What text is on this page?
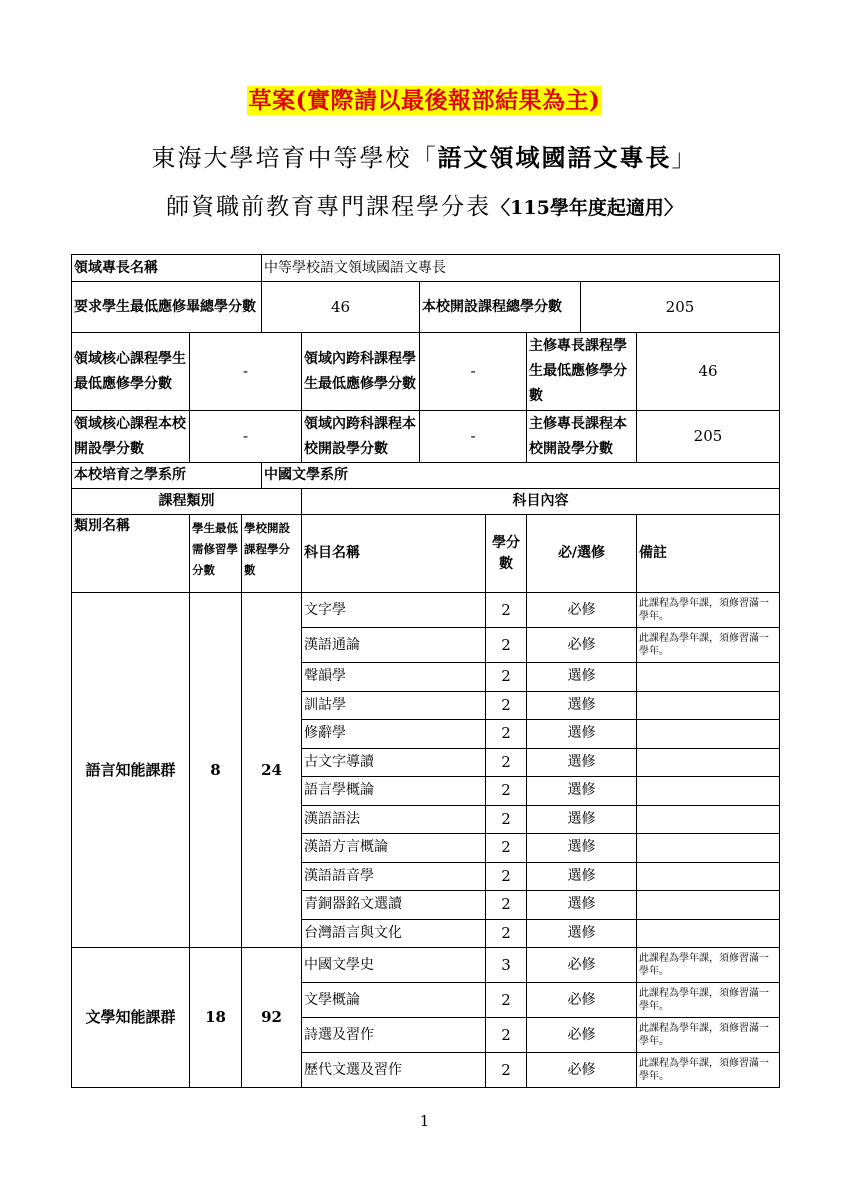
草案(實際請以最後報部結果為主)
東海大學培育中等學校「語文領域國語文專長」
師資職前教育專門課程學分表〈115學年度起適用〉
領域專長名稱			中等學校語文領域國語文專長						
要求學生最低應修畢總學分數			46		本校開設課程總學分數			205	
領域核心課程學生最低應修學分數	-			領域內跨科課程學生最低應修學分數	-		主修專長課程學生最低應修學分數		46
領域核心課程本校開設學分數	-			領域內跨科課程本校開設學分數	-		主修專長課程本校開設學分數		205
本校培育之學系所			中國文學系所						
課程類別				科目內容					
類別名稱	學生最低需修習學分數	學校開設課程學分數		科目名稱		學分數	必/選修		備註
語言知能課群	8	24		文字學		2	必修		此課程為學年課，須修習滿一學年。
				漢語通論		2	必修		此課程為學年課，須修習滿一學年。
				聲韻學		2	選修		
				訓詁學		2	選修		
				修辭學		2	選修		
				古文字導讀		2	選修		
				語言學概論		2	選修		
				漢語語法		2	選修		
				漢語方言概論		2	選修		
				漢語語音學		2	選修		
				青銅器銘文選讀		2	選修		
				台灣語言與文化		2	選修		
文學知能課群	18	92		中國文學史		3	必修		此課程為學年課，須修習滿一學年。
				文學概論		2	必修		此課程為學年課，須修習滿一學年。
				詩選及習作		2	必修		此課程為學年課，須修習滿一學年。
				歷代文選及習作		2	必修		此課程為學年課，須修習滿一學年。
1
